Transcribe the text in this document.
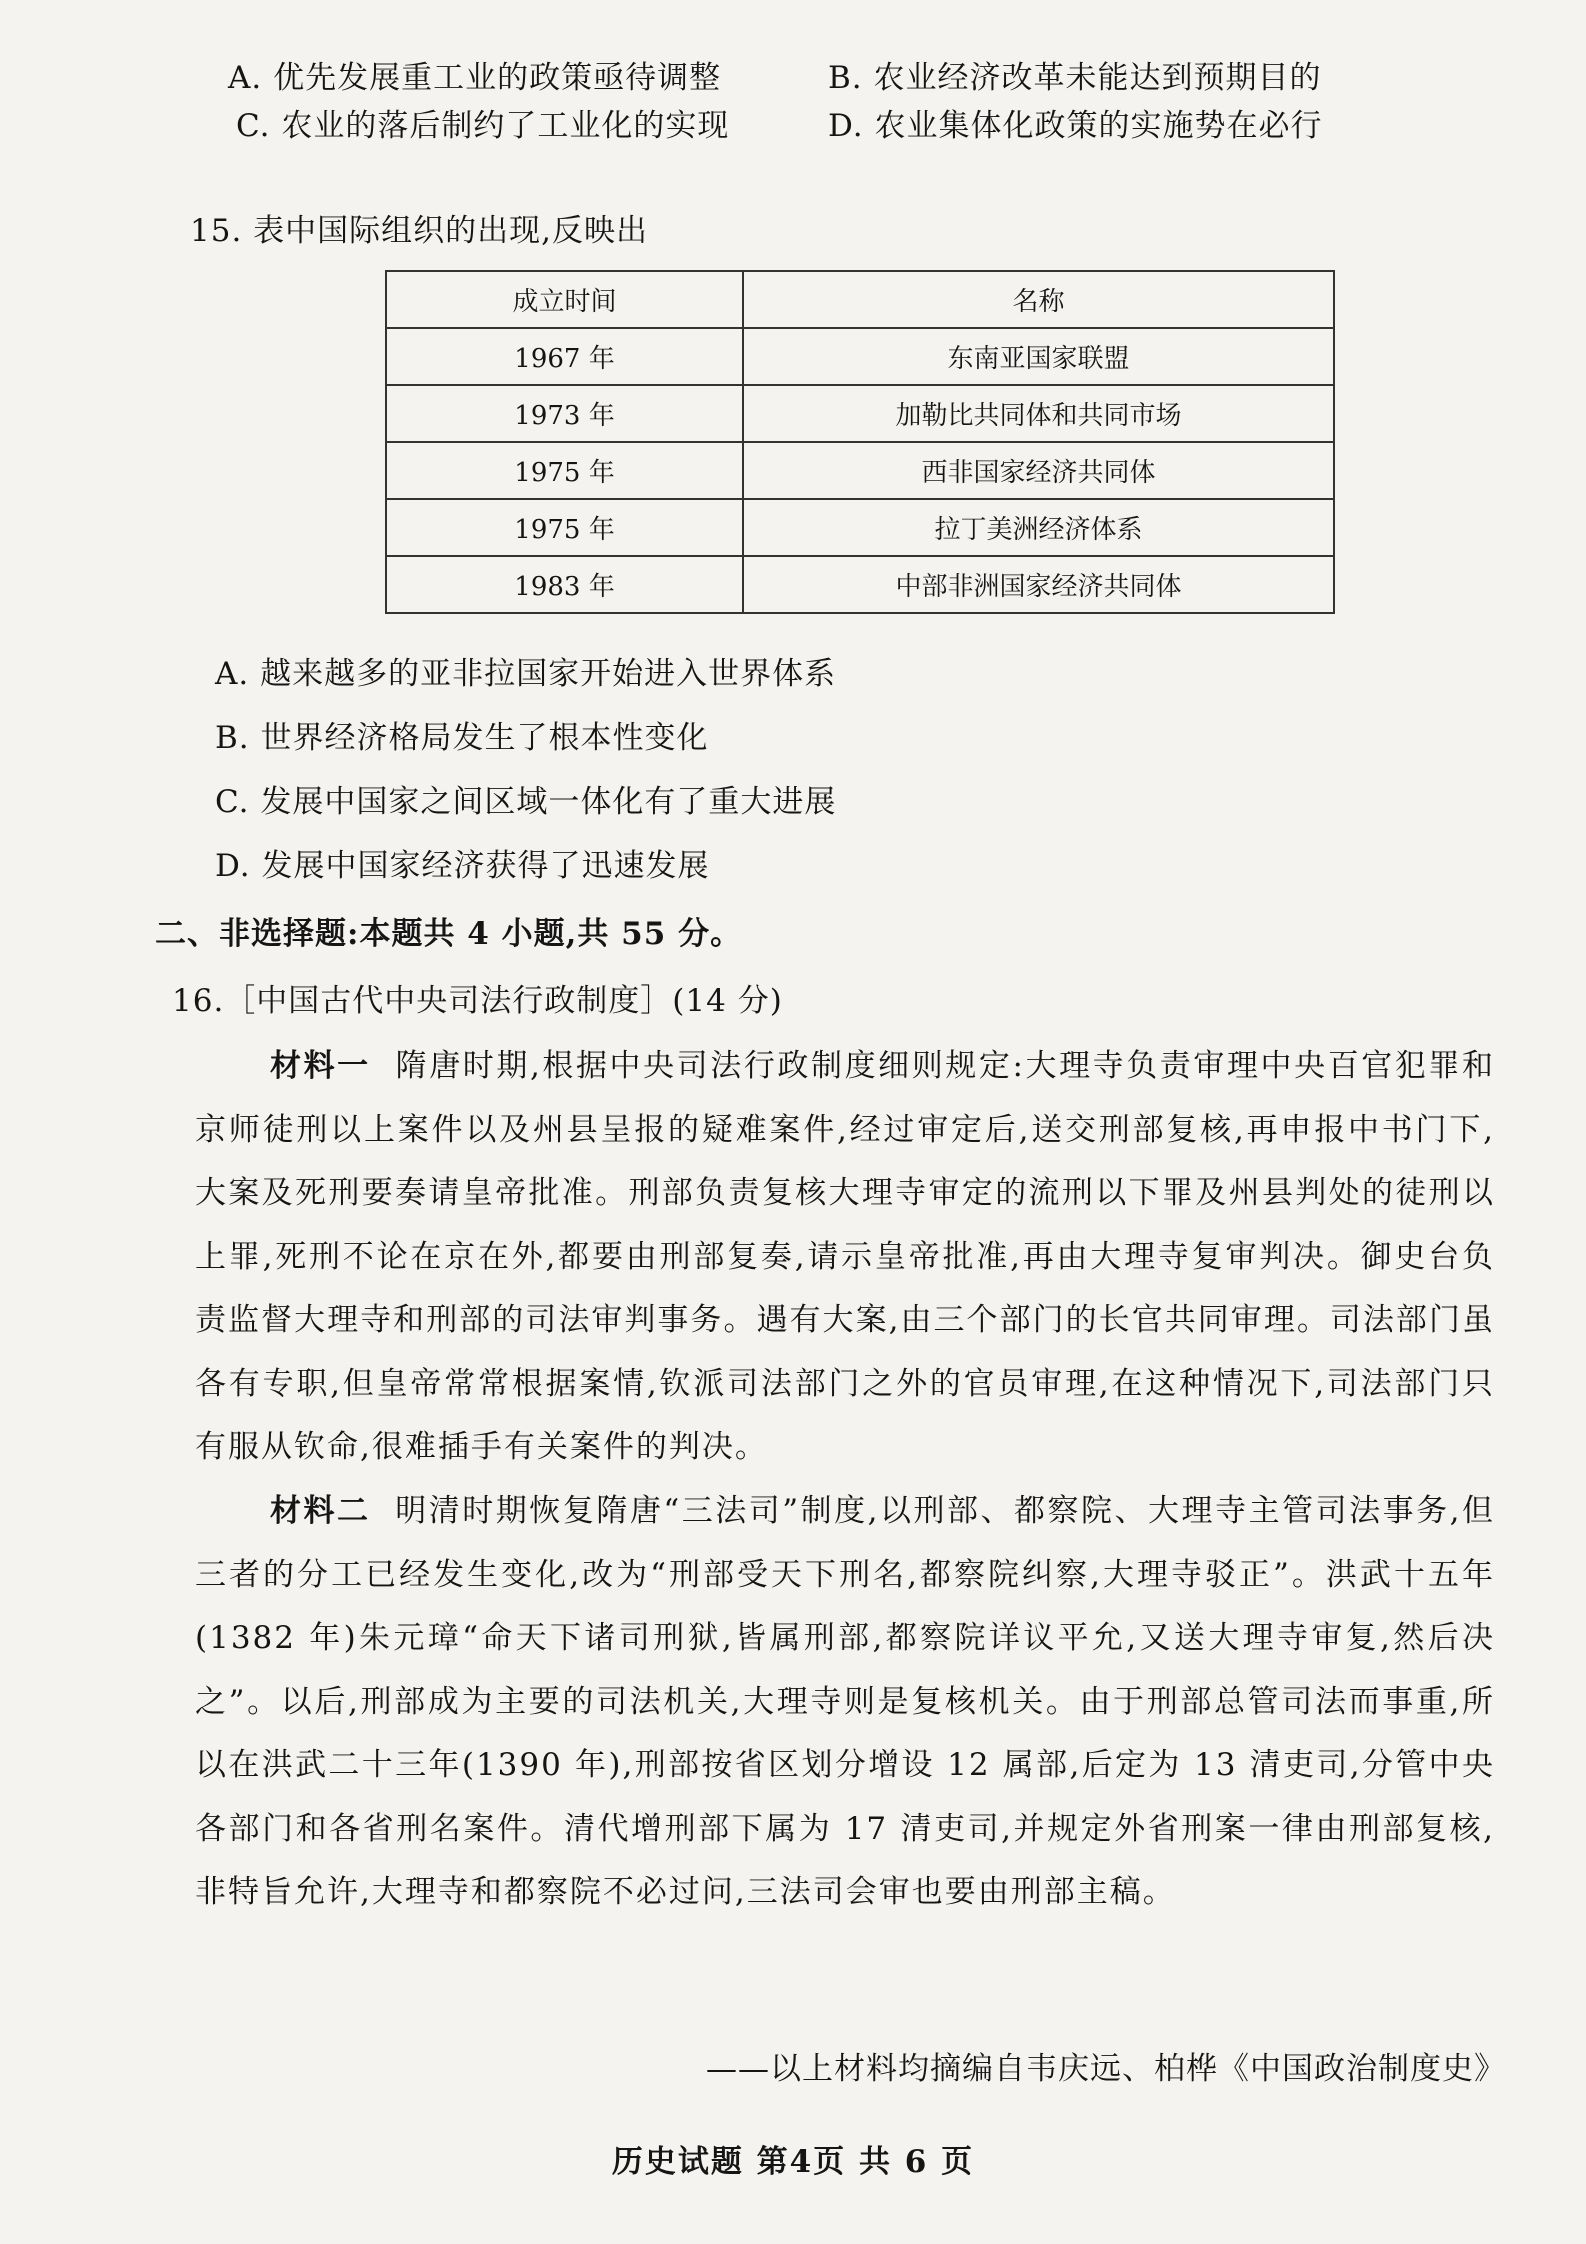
A. 优先发展重工业的政策亟待调整	B. 农业经济改革未能达到预期目的
C. 农业的落后制约了工业化的实现	D. 农业集体化政策的实施势在必行
15. 表中国际组织的出现,反映出
成立时间	名称
1967 年	东南亚国家联盟
1973 年	加勒比共同体和共同市场
1975 年	西非国家经济共同体
1975 年	拉丁美洲经济体系
1983 年	中部非洲国家经济共同体
A. 越来越多的亚非拉国家开始进入世界体系
B. 世界经济格局发生了根本性变化
C. 发展中国家之间区域一体化有了重大进展
D. 发展中国家经济获得了迅速发展
二、非选择题:本题共 4 小题,共 55 分。
16.［中国古代中央司法行政制度］(14 分)
材料一 隋唐时期,根据中央司法行政制度细则规定:大理寺负责审理中央百官犯罪和京师徒刑以上案件以及州县呈报的疑难案件,经过审定后,送交刑部复核,再申报中书门下,大案及死刑要奏请皇帝批准。刑部负责复核大理寺审定的流刑以下罪及州县判处的徒刑以上罪,死刑不论在京在外,都要由刑部复奏,请示皇帝批准,再由大理寺复审判决。御史台负责监督大理寺和刑部的司法审判事务。遇有大案,由三个部门的长官共同审理。司法部门虽各有专职,但皇帝常常根据案情,钦派司法部门之外的官员审理,在这种情况下,司法部门只有服从钦命,很难插手有关案件的判决。
材料二 明清时期恢复隋唐“三法司”制度,以刑部、都察院、大理寺主管司法事务,但三者的分工已经发生变化,改为“刑部受天下刑名,都察院纠察,大理寺驳正”。洪武十五年(1382 年)朱元璋“命天下诸司刑狱,皆属刑部,都察院详议平允,又送大理寺审复,然后决之”。以后,刑部成为主要的司法机关,大理寺则是复核机关。由于刑部总管司法而事重,所以在洪武二十三年(1390 年),刑部按省区划分增设 12 属部,后定为 13 清吏司,分管中央各部门和各省刑名案件。清代增刑部下属为 17 清吏司,并规定外省刑案一律由刑部复核,非特旨允许,大理寺和都察院不必过问,三法司会审也要由刑部主稿。
——以上材料均摘编自韦庆远、柏桦《中国政治制度史》
历史试题 第4页 共 6 页
